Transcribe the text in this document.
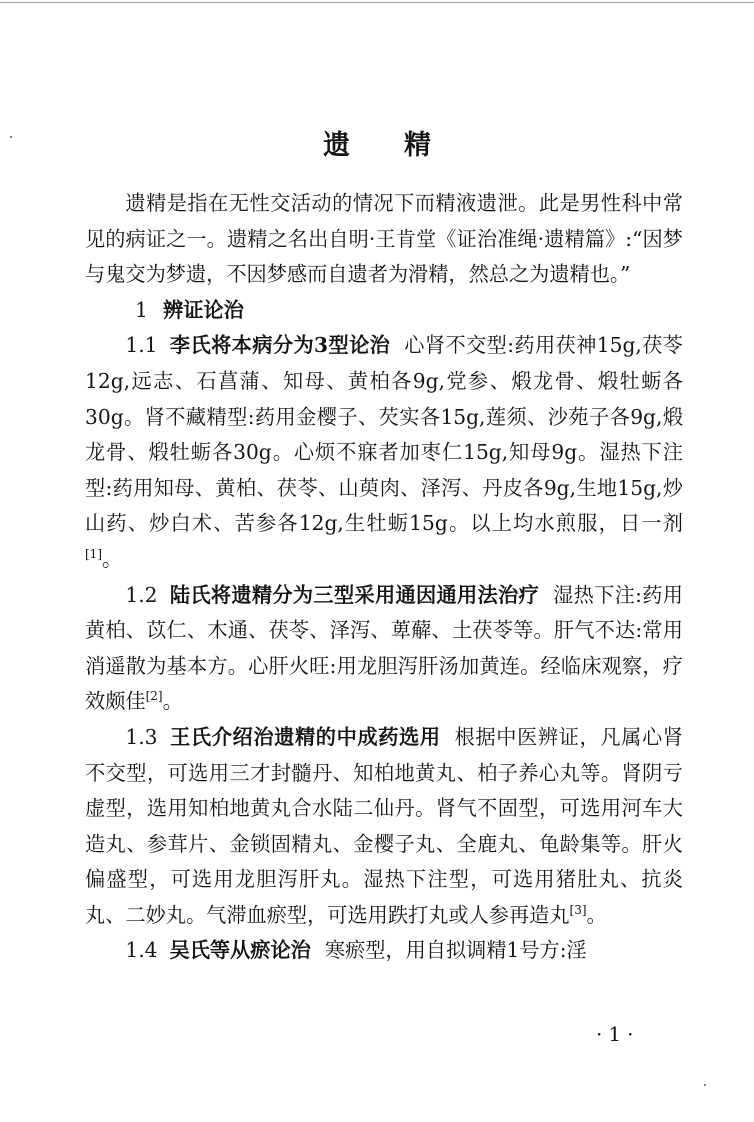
遗 精

遗精是指在无性交活动的情况下而精液遗泄。此是男性科中常见的病证之一。遗精之名出自明·王肯堂《证治准绳·遗精篇》:“因梦与鬼交为梦遗，不因梦感而自遗者为滑精，然总之为遗精也。”

1 辨证论治

1.1 李氏将本病分为3型论治 心肾不交型:药用茯神15g,茯苓12g,远志、石菖蒲、知母、黄柏各9g,党参、煅龙骨、煅牡蛎各30g。肾不藏精型:药用金樱子、芡实各15g,莲须、沙苑子各9g,煅龙骨、煅牡蛎各30g。心烦不寐者加枣仁15g,知母9g。湿热下注型:药用知母、黄柏、茯苓、山萸肉、泽泻、丹皮各9g,生地15g,炒山药、炒白术、苦参各12g,生牡蛎15g。以上均水煎服，日一剂[1]。

1.2 陆氏将遗精分为三型采用通因通用法治疗 湿热下注:药用黄柏、苡仁、木通、茯苓、泽泻、萆薢、土茯苓等。肝气不达:常用消遥散为基本方。心肝火旺:用龙胆泻肝汤加黄连。经临床观察，疗效颇佳[2]。

1.3 王氏介绍治遗精的中成药选用 根据中医辨证，凡属心肾不交型，可选用三才封髓丹、知柏地黄丸、柏子养心丸等。肾阴亏虚型，选用知柏地黄丸合水陆二仙丹。肾气不固型，可选用河车大造丸、参茸片、金锁固精丸、金樱子丸、全鹿丸、龟龄集等。肝火偏盛型，可选用龙胆泻肝丸。湿热下注型，可选用猪肚丸、抗炎丸、二妙丸。气滞血瘀型，可选用跌打丸或人参再造丸[3]。

1.4 吴氏等从瘀论治 寒瘀型，用自拟调精1号方:淫

·1·
